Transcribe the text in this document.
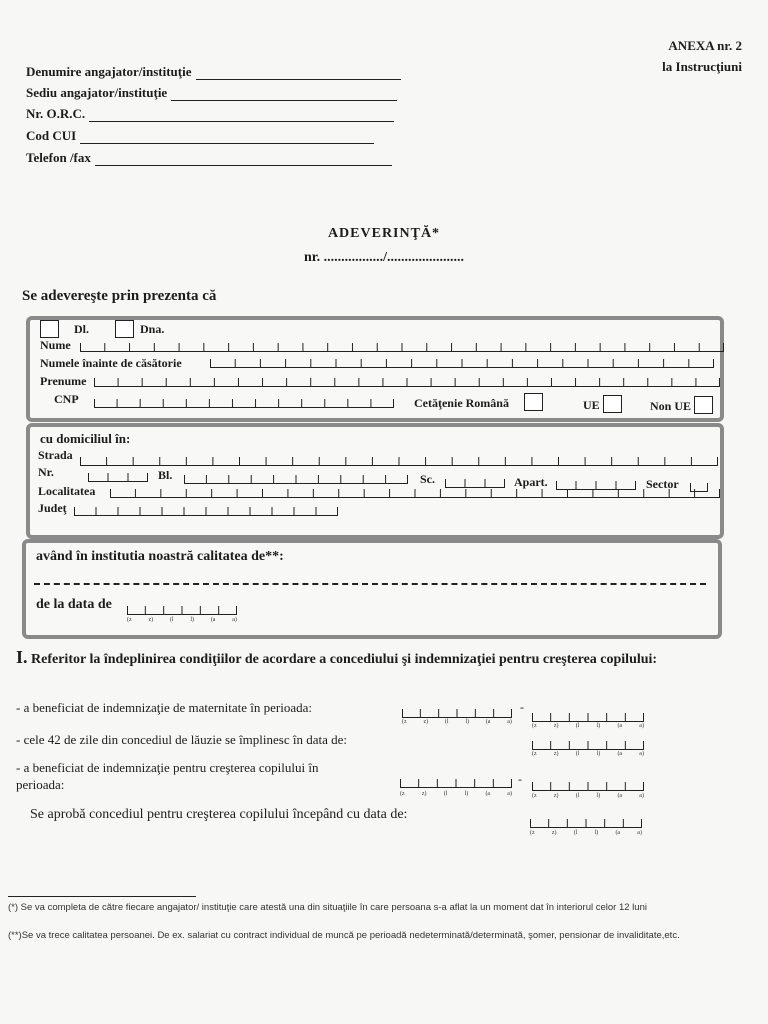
ANEXA nr. 2
la Instrucţiuni
Denumire angajator/instituţie
Sediu angajator/instituţie
Nr. O.R.C.
Cod CUI
Telefon /fax
ADEVERINŢĂ*
nr. ................./......................
Se adevereşte prin prezenta că
Dl.	Dna.
Nume
Numele înainte de căsătorie
Prenume
CNP	Cetăţenie Română	UE	Non UE
cu domiciliul în:
Strada
Nr.	Bl.	Sc.	Apart.	Sector
Localitatea
Judeţ
având în institutia noastră calitatea de**:
de la data de
(z	z)	(l	l)	(a	a)
I. Referitor la îndeplinirea condiţiilor de acordare a concediului şi indemnizaţiei pentru creşterea copilului:
- a beneficiat de indemnizaţie de maternitate în perioada:
(z	z)	(l	l)	(a	a)
-
(z	z)	(l	l)	(a	a)
- cele 42 de zile din concediul de lăuzie se împlinesc în data de:
(z	z)	(l	l)	(a	a)
- a beneficiat de indemnizaţie pentru creşterea copilului în
perioada:
(z	z)	(l	l)	(a	a)
-
(z	z)	(l	l)	(a	a)
Se aprobă concediul pentru creşterea copilului începând cu data de:
(z	z)	(l	l)	(a	a)
(*) Se va completa de către fiecare angajator/ instituţie care atestă una din situaţiile în care persoana s-a aflat la un moment dat în interiorul celor 12 luni
(**)Se va trece calitatea persoanei. De ex. salariat cu contract individual de muncă pe perioadă nedeterminată/determinată, şomer, pensionar de invaliditate,etc.
